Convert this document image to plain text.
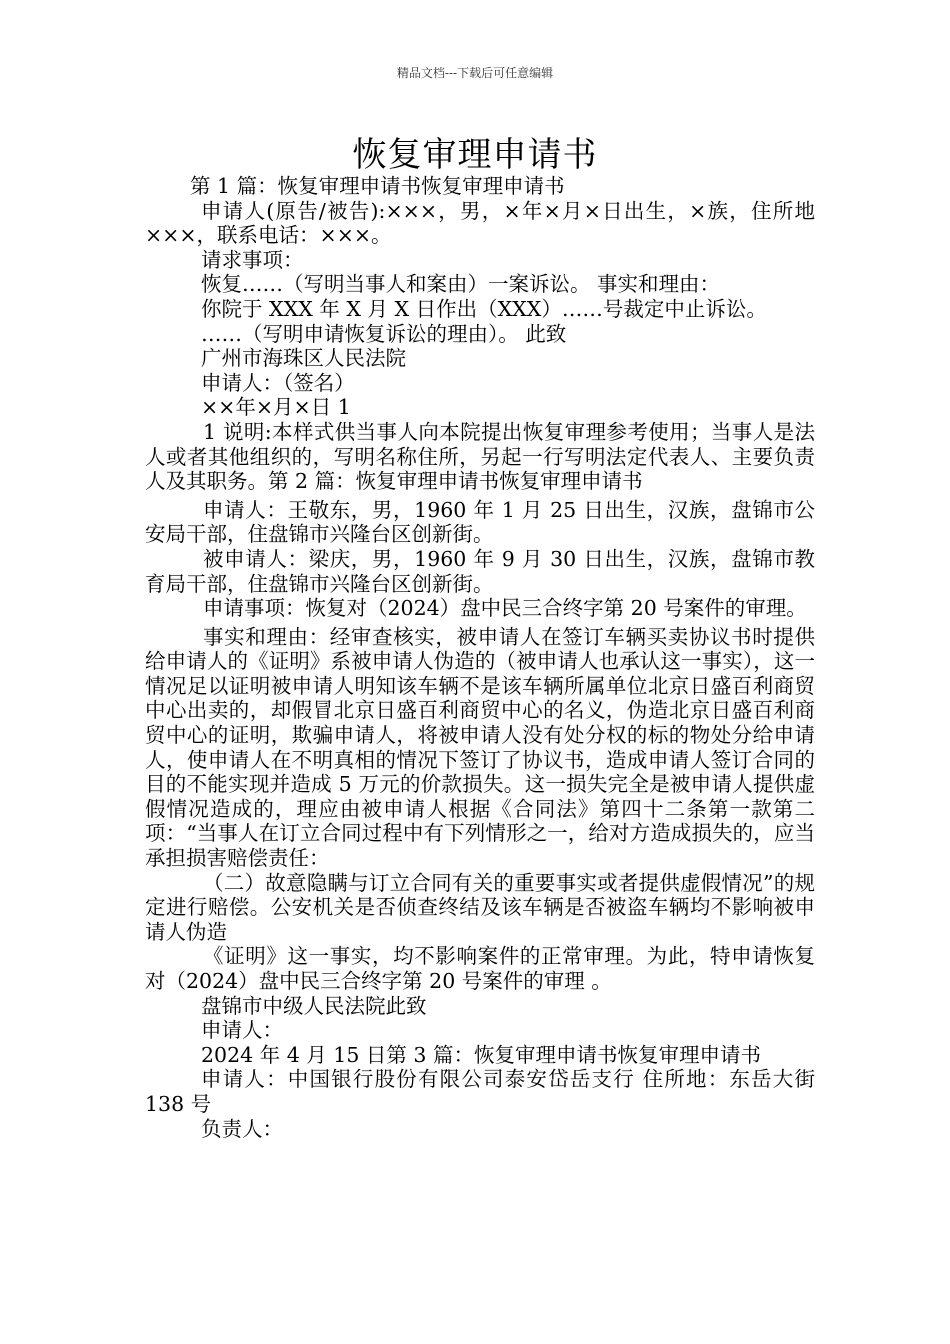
精品文档---下载后可任意编辑
恢复审理申请书

第 1 篇：恢复审理申请书恢复审理申请书

申请人(原告/被告):×××，男，×年×月×日出生，×族，住所地×××，联系电话：×××。

请求事项：

恢复……（写明当事人和案由）一案诉讼。 事实和理由：

你院于 XXX 年 X 月 X 日作出（XXX）……号裁定中止诉讼。

……（写明申请恢复诉讼的理由）。 此致

广州市海珠区人民法院

申请人：（签名）

××年×月×日 1

1 说明:本样式供当事人向本院提出恢复审理参考使用；当事人是法人或者其他组织的，写明名称住所，另起一行写明法定代表人、主要负责人及其职务。第 2 篇：恢复审理申请书恢复审理申请书

申请人：王敬东，男，1960 年 1 月 25 日出生，汉族，盘锦市公安局干部，住盘锦市兴隆台区创新街。

被申请人：梁庆，男，1960 年 9 月 30 日出生，汉族，盘锦市教育局干部，住盘锦市兴隆台区创新街。

申请事项：恢复对（2024）盘中民三合终字第 20 号案件的审理。

事实和理由：经审查核实，被申请人在签订车辆买卖协议书时提供给申请人的《证明》系被申请人伪造的（被申请人也承认这一事实），这一情况足以证明被申请人明知该车辆不是该车辆所属单位北京日盛百利商贸中心出卖的，却假冒北京日盛百利商贸中心的名义，伪造北京日盛百利商贸中心的证明，欺骗申请人，将被申请人没有处分权的标的物处分给申请人，使申请人在不明真相的情况下签订了协议书，造成申请人签订合同的目的不能实现并造成 5 万元的价款损失。这一损失完全是被申请人提供虚假情况造成的，理应由被申请人根据《合同法》第四十二条第一款第二项：“当事人在订立合同过程中有下列情形之一，给对方造成损失的，应当承担损害赔偿责任：

（二）故意隐瞒与订立合同有关的重要事实或者提供虚假情况”的规定进行赔偿。公安机关是否侦查终结及该车辆是否被盗车辆均不影响被申请人伪造

《证明》这一事实，均不影响案件的正常审理。为此，特申请恢复对（2024）盘中民三合终字第 20 号案件的审理 。

盘锦市中级人民法院此致

申请人：

2024 年 4 月 15 日第 3 篇：恢复审理申请书恢复审理申请书

申请人：中国银行股份有限公司泰安岱岳支行 住所地：东岳大街 138 号

负责人：
